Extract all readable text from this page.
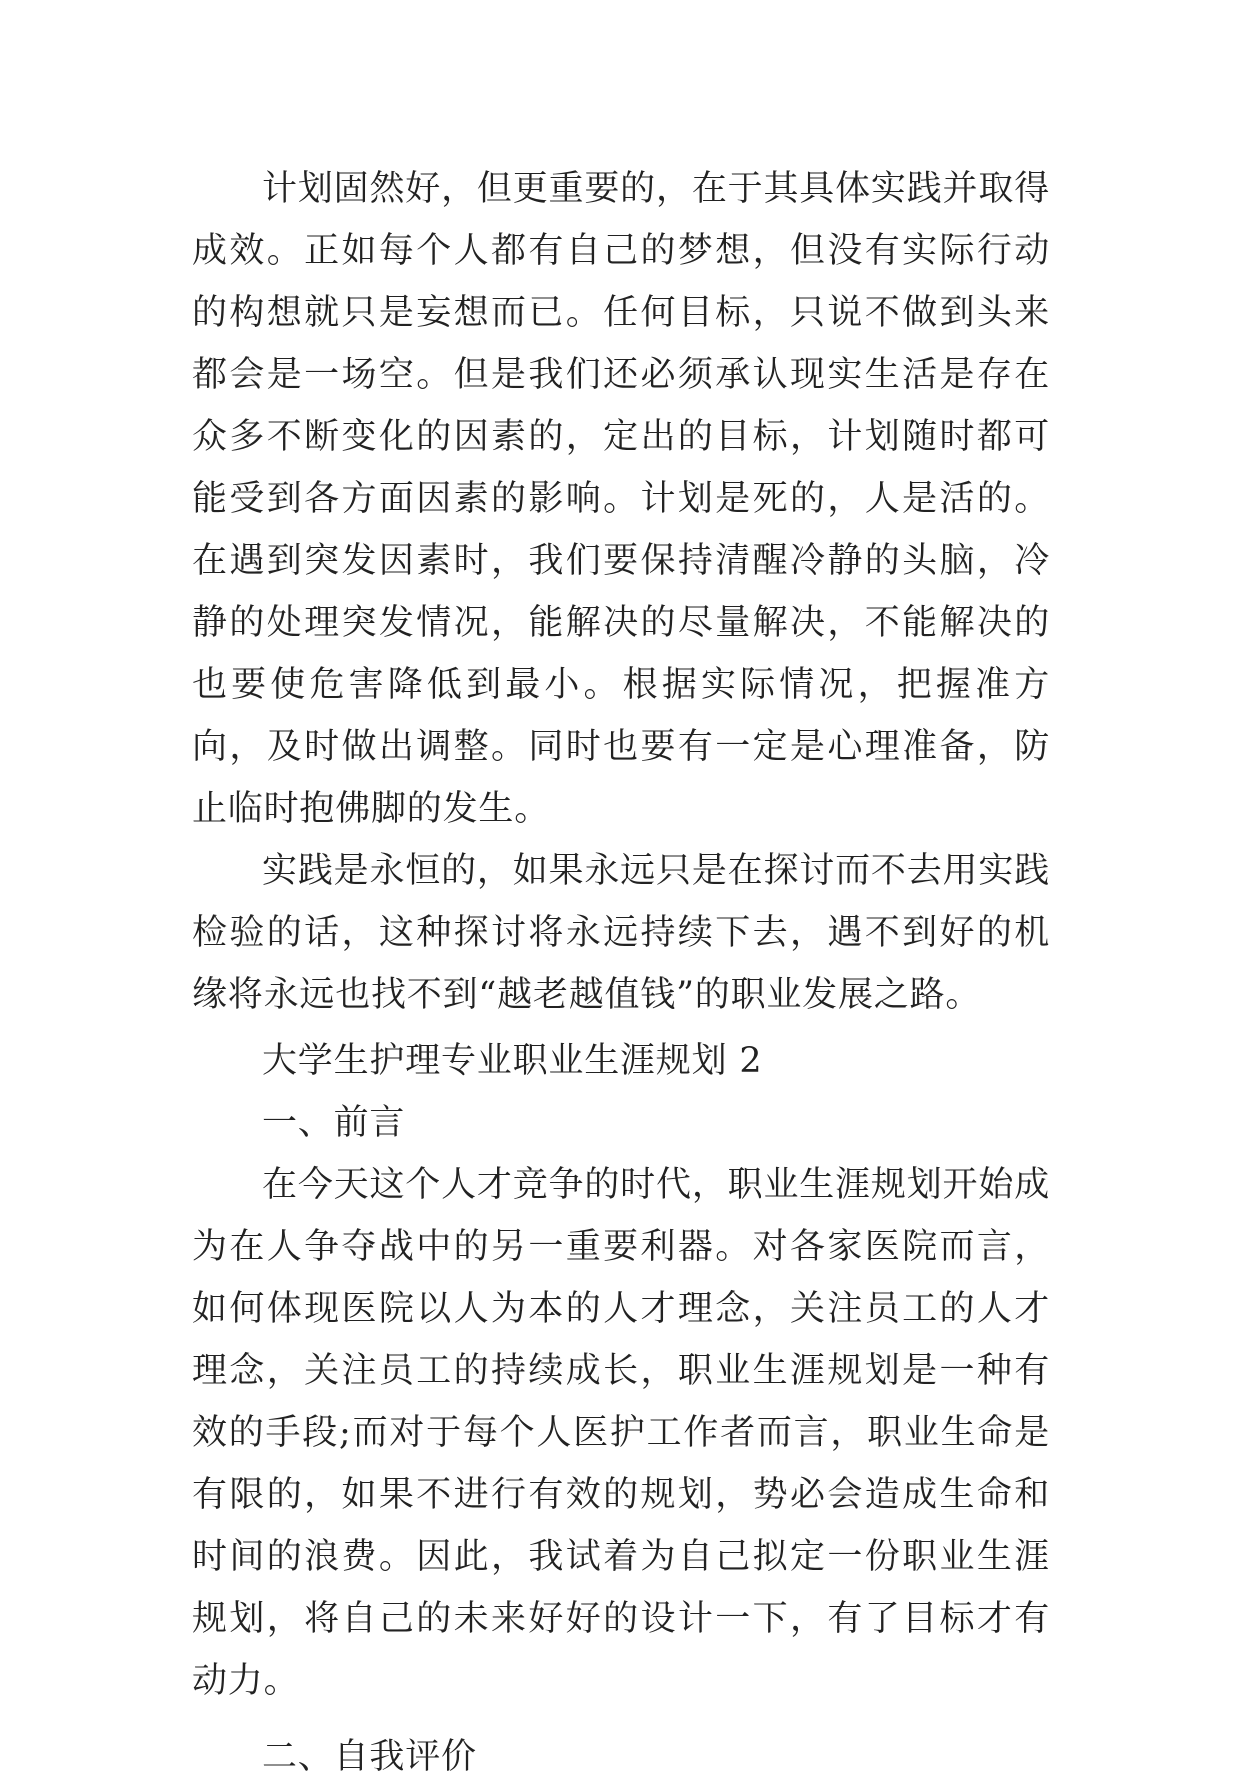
计划固然好，但更重要的，在于其具体实践并取得成效。正如每个人都有自己的梦想，但没有实际行动的构想就只是妄想而已。任何目标，只说不做到头来都会是一场空。但是我们还必须承认现实生活是存在众多不断变化的因素的，定出的目标，计划随时都可能受到各方面因素的影响。计划是死的，人是活的。在遇到突发因素时，我们要保持清醒冷静的头脑，冷静的处理突发情况，能解决的尽量解决，不能解决的也要使危害降低到最小。根据实际情况，把握准方向，及时做出调整。同时也要有一定是心理准备，防止临时抱佛脚的发生。

实践是永恒的，如果永远只是在探讨而不去用实践检验的话，这种探讨将永远持续下去，遇不到好的机缘将永远也找不到“越老越值钱”的职业发展之路。

大学生护理专业职业生涯规划 2

一、前言

在今天这个人才竞争的时代，职业生涯规划开始成为在人争夺战中的另一重要利器。对各家医院而言，如何体现医院以人为本的人才理念，关注员工的人才理念，关注员工的持续成长，职业生涯规划是一种有效的手段;而对于每个人医护工作者而言，职业生命是有限的，如果不进行有效的规划，势必会造成生命和时间的浪费。因此，我试着为自己拟定一份职业生涯规划，将自己的未来好好的设计一下，有了目标才有动力。

二、自我评价
